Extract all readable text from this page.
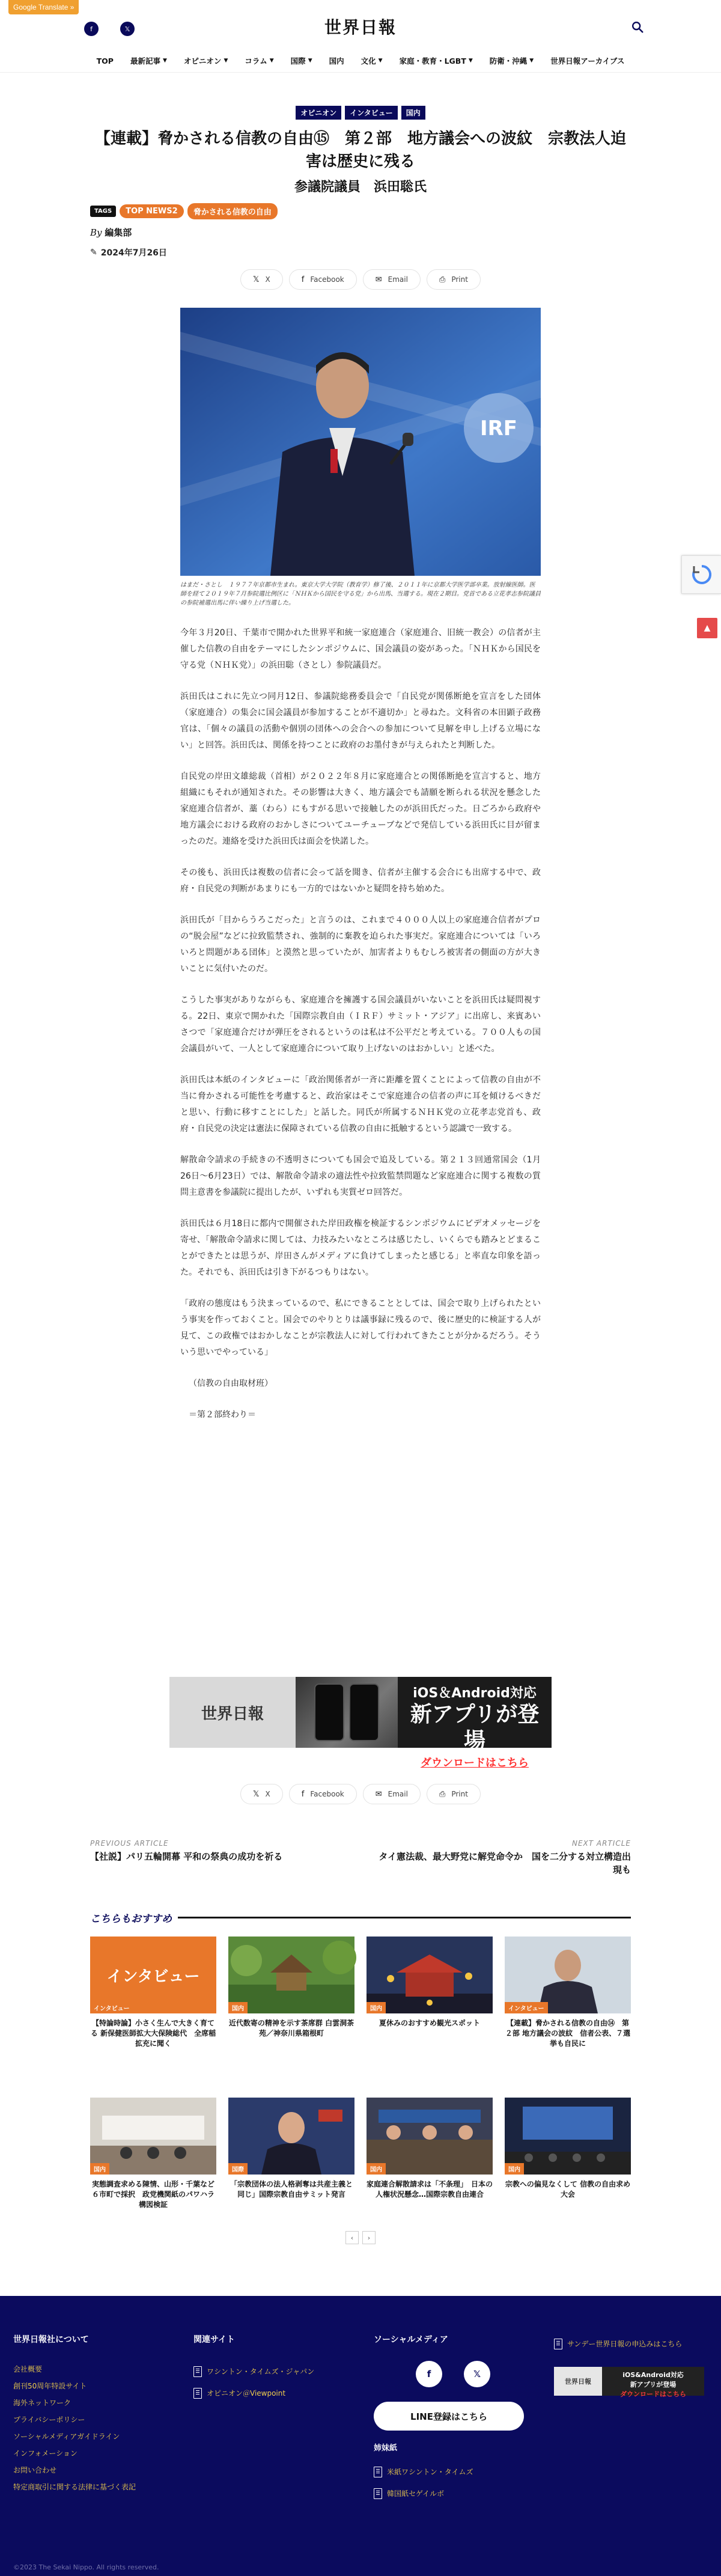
Google Translate »
f	𝕏	世界日報
TOP 最新記事 ▼ オピニオン ▼ コラム ▼ 国際 ▼ 国内 文化 ▼ 家庭・教育・LGBT ▼ 防衛・沖縄 ▼ 世界日報アーカイブス
オピニオン	インタビュー	国内
【連載】脅かされる信教の自由⑮　第２部　地方議会への波紋　宗教法人迫害は歴史に残る
参議院議員　浜田聡氏
TAGS	TOP NEWS2	脅かされる信教の自由
By 編集部
✎ 2024年7月26日
𝕏 X	f Facebook	✉ Email	⎙ Print
IRF
はまだ・さとし　１９７７年京都市生まれ。東京大学大学院（教育学）修了後、２０１１年に京都大学医学部卒業。放射線医師。医師を経て２０１９年７月参院選比例区に「ＮＨＫから国民を守る党」から出馬、当選する。現在２期目。党首である立花孝志参院議員の参院補選出馬に伴い繰り上げ当選した。

今年３月20日、千葉市で開かれた世界平和統一家庭連合（家庭連合、旧統一教会）の信者が主催した信教の自由をテーマにしたシンポジウムに、国会議員の姿があった。「ＮＨＫから国民を守る党（ＮＨＫ党）」の浜田聡（さとし）参院議員だ。

浜田氏はこれに先立つ同月12日、参議院総務委員会で「自民党が関係断絶を宣言をした団体（家庭連合）の集会に国会議員が参加することが不適切か」と尋ねた。文科省の本田顕子政務官は、「個々の議員の活動や個別の団体への会合への参加について見解を申し上げる立場にない」と回答。浜田氏は、関係を持つことに政府のお墨付きが与えられたと判断した。

自民党の岸田文雄総裁（首相）が２０２２年８月に家庭連合との関係断絶を宣言すると、地方組織にもそれが通知された。その影響は大きく、地方議会でも請願を断られる状況を懸念した家庭連合信者が、藁（わら）にもすがる思いで接触したのが浜田氏だった。日ごろから政府や地方議会における政府のおかしさについてユーチューブなどで発信している浜田氏に目が留まったのだ。連絡を受けた浜田氏は面会を快諾した。

その後も、浜田氏は複数の信者に会って話を聞き、信者が主催する会合にも出席する中で、政府・自民党の判断があまりにも一方的ではないかと疑問を持ち始めた。

浜田氏が「目からうろこだった」と言うのは、これまで４０００人以上の家庭連合信者がプロの“脱会屋”などに拉致監禁され、強制的に棄教を迫られた事実だ。家庭連合については「いろいろと問題がある団体」と漠然と思っていたが、加害者よりもむしろ被害者の側面の方が大きいことに気付いたのだ。

こうした事実がありながらも、家庭連合を擁護する国会議員がいないことを浜田氏は疑問視する。22日、東京で開かれた「国際宗教自由（ＩＲＦ）サミット・アジア」に出席し、来賓あいさつで「家庭連合だけが弾圧をされるというのは私は不公平だと考えている。７００人もの国会議員がいて、一人として家庭連合について取り上げないのはおかしい」と述べた。

浜田氏は本紙のインタビューに「政治関係者が一斉に距離を置くことによって信教の自由が不当に脅かされる可能性を考慮すると、政治家はそこで家庭連合の信者の声に耳を傾けるべきだと思い、行動に移すことにした」と話した。同氏が所属するＮＨＫ党の立花孝志党首も、政府・自民党の決定は憲法に保障されている信教の自由に抵触するという認識で一致する。

解散命令請求の手続きの不透明さについても国会で追及している。第２１３回通常国会（1月26日～6月23日）では、解散命令請求の適法性や拉致監禁問題など家庭連合に関する複数の質問主意書を参議院に提出したが、いずれも実質ゼロ回答だ。

浜田氏は６月18日に都内で開催された岸田政権を検証するシンポジウムにビデオメッセージを寄せ、「解散命令請求に関しては、力技みたいなところは感じたし、いくらでも踏みとどまることができたとは思うが、岸田さんがメディアに負けてしまったと感じる」と率直な印象を語った。それでも、浜田氏は引き下がるつもりはない。

「政府の態度はもう決まっているので、私にできることとしては、国会で取り上げられたという事実を作っておくこと。国会でのやりとりは議事録に残るので、後に歴史的に検証する人が見て、この政権ではおかしなことが宗教法人に対して行われてきたことが分かるだろう。そういう思いでやっている」

（信教の自由取材班）

＝第２部終わり＝

世界日報
iOS＆Android対応
新アプリが登場
ダウンロードはこちら
𝕏 X	f Facebook	✉ Email	⎙ Print
PREVIOUS ARTICLE
【社説】パリ五輪開幕 平和の祭典の成功を祈る
NEXT ARTICLE
タイ憲法裁、最大野党に解党命令か　国を二分する対立構造出現も
こちらもおすすめ
インタビュー
インタビュー
【特論時論】小さく生んで大きく育てる 新保健医師拡大大保険総代　全席稲拡充に聞く
国内
近代数寄の精神を示す茶席群 白雲洞茶苑／神奈川県箱根町
国内
夏休みのおすすめ観光スポット
インタビュー
【連載】脅かされる信教の自由⑭　第２部 地方議会の波紋　信者公表、７選挙も自民に
国内
実態調査求める陳情、山形・千葉など６市町で採択　政党機関紙のパワハラ構図検証
国際
「宗教団体の法人格剥奪は共産主義と同じ」国際宗教自由サミット発言
国内
家庭連合解散請求は「不条理」　日本の人権状況懸念…国際宗教自由連合
国内
宗教への偏見なくして 信教の自由求め大会
‹	›
世界日報社について
会社概要
創刊50周年特設サイト
海外ネットワーク
プライバシーポリシー
ソーシャルメディアガイドライン
インフォメーション
お問い合わせ
特定商取引に関する法律に基づく表記
関連サイト
ワシントン・タイムズ・ジャパン
オピニオン＠Viewpoint
ソーシャルメディア
f	𝕏
LINE登録はこちら
姉妹紙
米紙ワシントン・タイムズ
韓国紙セゲイルボ
サンデー世界日報の申込みはこちら
世界日報
iOS&Android対応
新アプリが登場
ダウンロードはこちら
©2023 The Sekai Nippo. All rights reserved.
▲
